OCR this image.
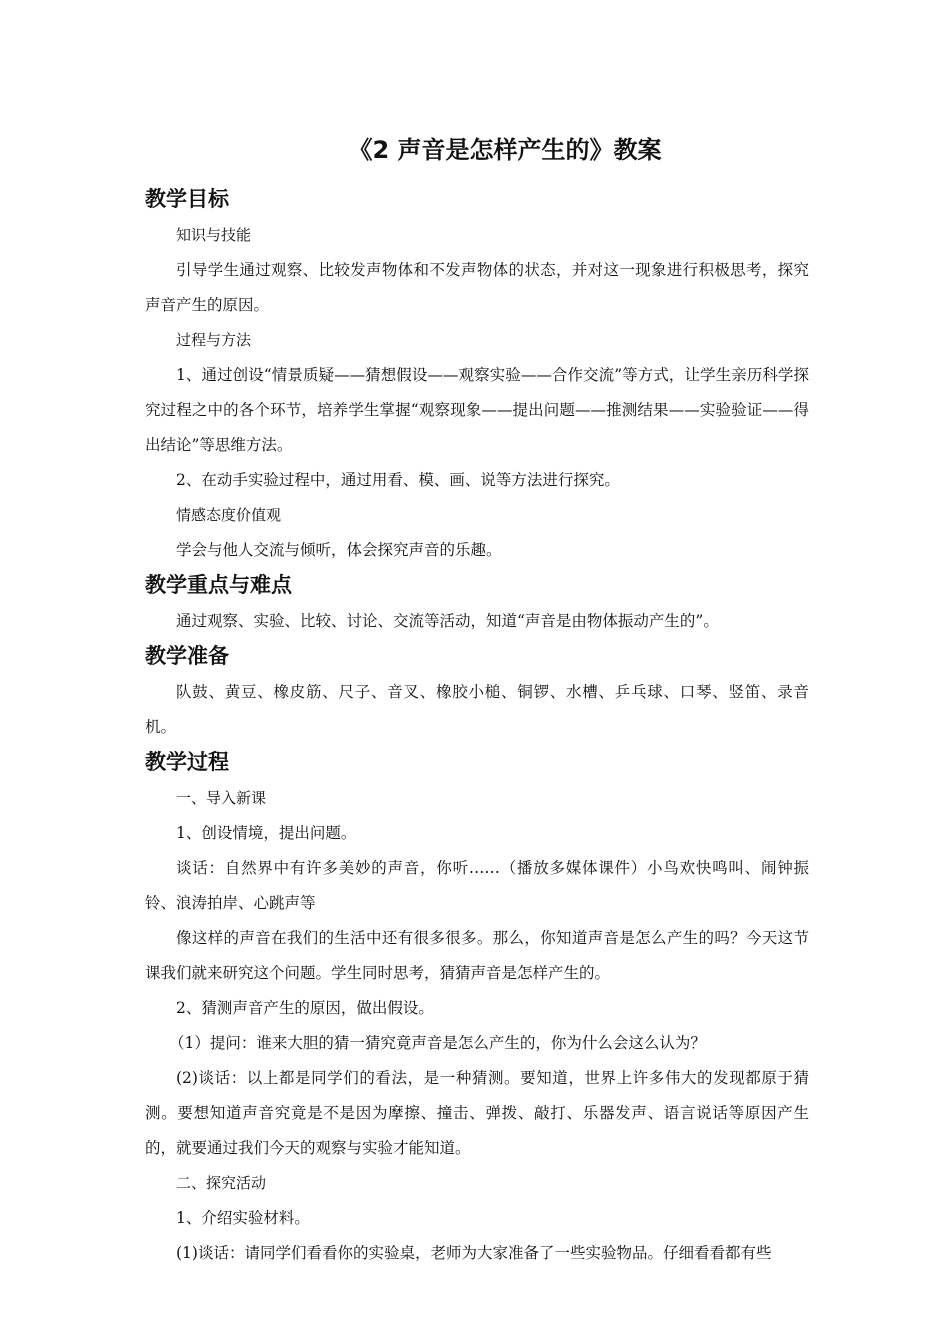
《2 声音是怎样产生的》教案
教学目标

知识与技能

引导学生通过观察、比较发声物体和不发声物体的状态，并对这一现象进行积极思考，探究声音产生的原因。

过程与方法

1、通过创设“情景质疑——猜想假设——观察实验——合作交流”等方式，让学生亲历科学探究过程之中的各个环节，培养学生掌握“观察现象——提出问题——推测结果——实验验证——得出结论”等思维方法。

2、在动手实验过程中，通过用看、模、画、说等方法进行探究。

情感态度价值观

学会与他人交流与倾听，体会探究声音的乐趣。

教学重点与难点

通过观察、实验、比较、讨论、交流等活动，知道“声音是由物体振动产生的”。

教学准备

队鼓、黄豆、橡皮筋、尺子、音叉、橡胶小槌、铜锣、水槽、乒乓球、口琴、竖笛、录音机。

教学过程

一、导入新课

1、创设情境，提出问题。

谈话：自然界中有许多美妙的声音，你听……（播放多媒体课件）小鸟欢快鸣叫、闹钟振铃、浪涛拍岸、心跳声等

像这样的声音在我们的生活中还有很多很多。那么，你知道声音是怎么产生的吗？今天这节课我们就来研究这个问题。学生同时思考，猜猜声音是怎样产生的。

2、猜测声音产生的原因，做出假设。

（1）提问：谁来大胆的猜一猜究竟声音是怎么产生的，你为什么会这么认为？

(2)谈话：以上都是同学们的看法，是一种猜测。要知道，世界上许多伟大的发现都原于猜测。要想知道声音究竟是不是因为摩擦、撞击、弹拨、敲打、乐器发声、语言说话等原因产生的，就要通过我们今天的观察与实验才能知道。

二、探究活动

1、介绍实验材料。

(1)谈话：请同学们看看你的实验桌，老师为大家准备了一些实验物品。仔细看看都有些
